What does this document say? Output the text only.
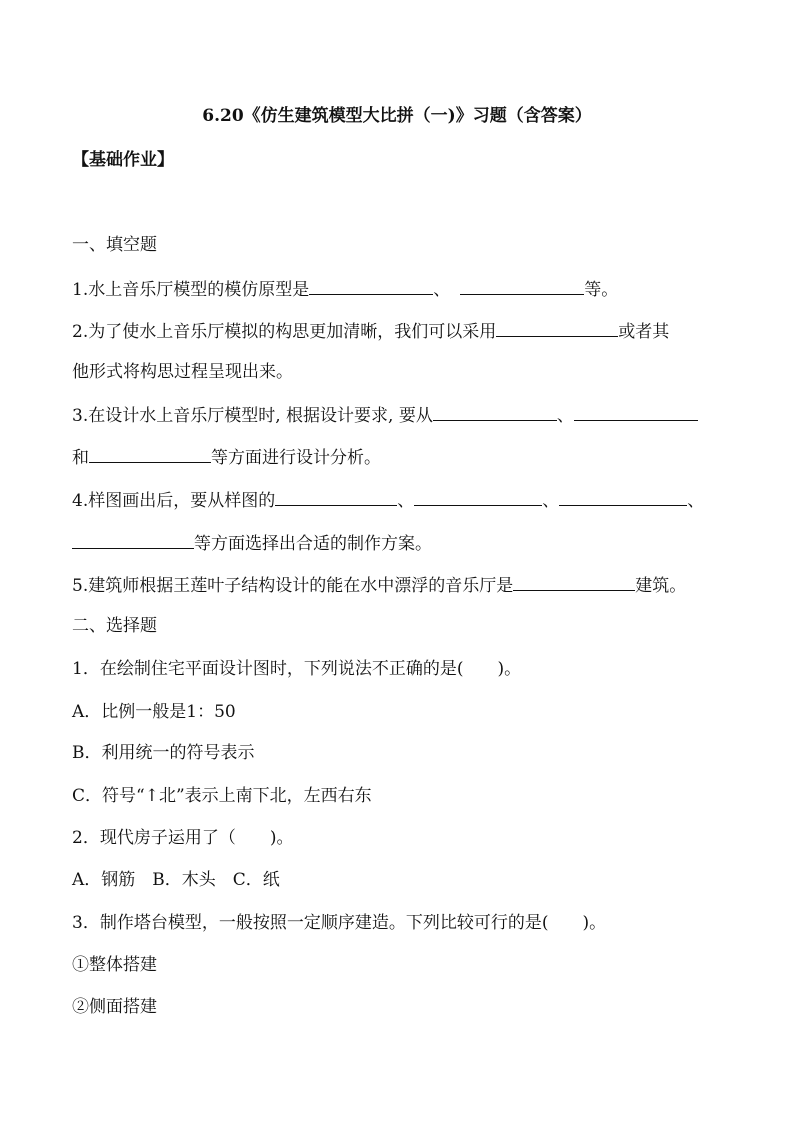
6.20《仿生建筑模型大比拼（一)》习题（含答案）
【基础作业】
一、填空题
1.水上音乐厅模型的模仿原型是	、	等。
2.为了使水上音乐厅模拟的构思更加清晰，我们可以采用	或者其
他形式将构思过程呈现出来。
3.在设计水上音乐厅模型时, 根据设计要求, 要从	、
和	等方面进行设计分析。
4.样图画出后，要从样图的	、	、	、
等方面选择出合适的制作方案。
5.建筑师根据王莲叶子结构设计的能在水中漂浮的音乐厅是	建筑。
二、选择题
1．在绘制住宅平面设计图时，下列说法不正确的是(　　)。
A．比例一般是1：50
B．利用统一的符号表示
C．符号“↑北”表示上南下北，左西右东
2．现代房子运用了（　　)。
A．钢筋　B．木头　C．纸
3．制作塔台模型，一般按照一定顺序建造。下列比较可行的是(　　)。
①整体搭建
②侧面搭建
